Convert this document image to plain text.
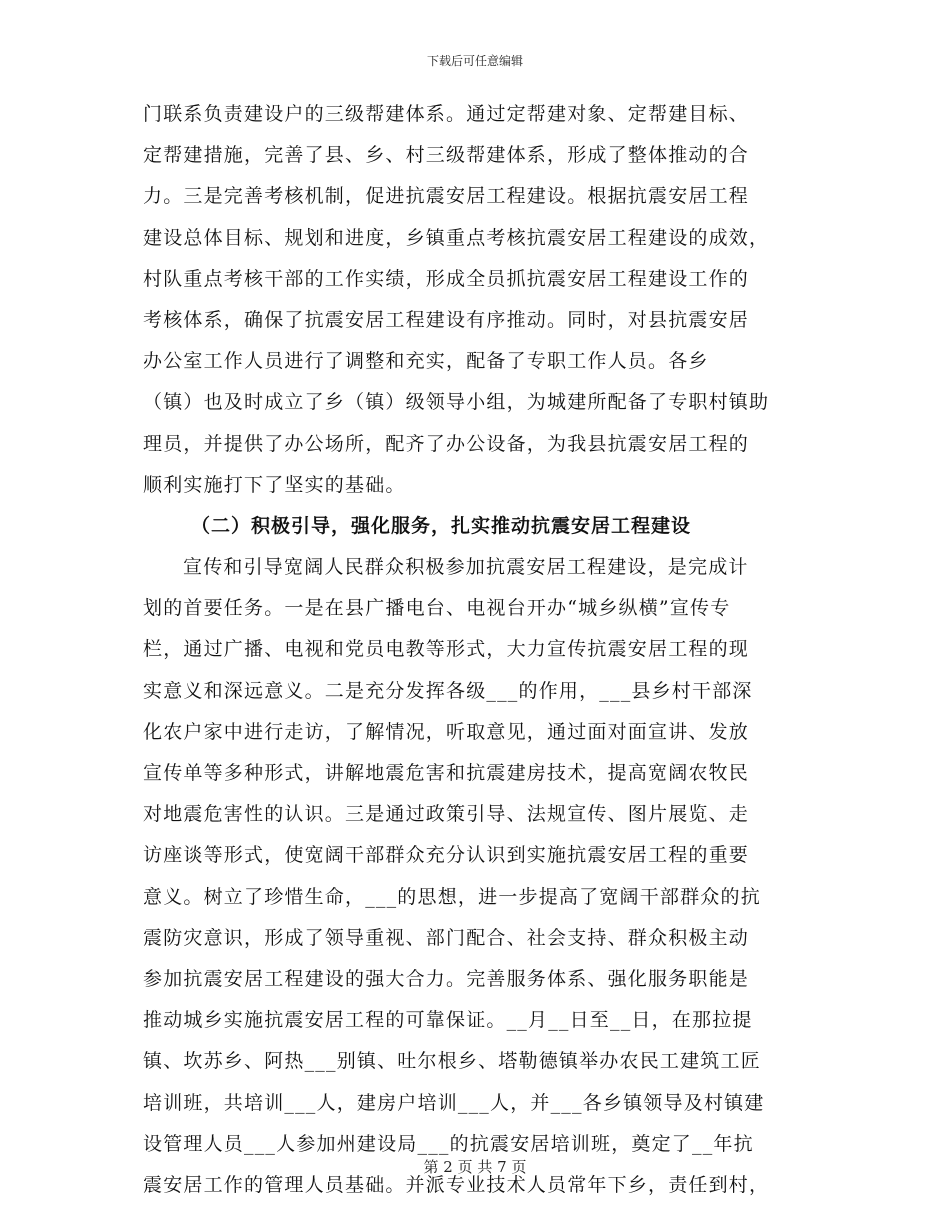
下载后可任意编辑
门联系负责建设户的三级帮建体系。通过定帮建对象、定帮建目标、
定帮建措施，完善了县、乡、村三级帮建体系，形成了整体推动的合
力。三是完善考核机制，促进抗震安居工程建设。根据抗震安居工程
建设总体目标、规划和进度，乡镇重点考核抗震安居工程建设的成效，
村队重点考核干部的工作实绩，形成全员抓抗震安居工程建设工作的
考核体系，确保了抗震安居工程建设有序推动。同时，对县抗震安居
办公室工作人员进行了调整和充实，配备了专职工作人员。各乡
（镇）也及时成立了乡（镇）级领导小组，为城建所配备了专职村镇助
理员，并提供了办公场所，配齐了办公设备，为我县抗震安居工程的
顺利实施打下了坚实的基础。
（二）积极引导，强化服务，扎实推动抗震安居工程建设
宣传和引导宽阔人民群众积极参加抗震安居工程建设，是完成计
划的首要任务。一是在县广播电台、电视台开办“城乡纵横”宣传专
栏，通过广播、电视和党员电教等形式，大力宣传抗震安居工程的现
实意义和深远意义。二是充分发挥各级___的作用，___县乡村干部深
化农户家中进行走访，了解情况，听取意见，通过面对面宣讲、发放
宣传单等多种形式，讲解地震危害和抗震建房技术，提高宽阔农牧民
对地震危害性的认识。三是通过政策引导、法规宣传、图片展览、走
访座谈等形式，使宽阔干部群众充分认识到实施抗震安居工程的重要
意义。树立了珍惜生命，___的思想，进一步提高了宽阔干部群众的抗
震防灾意识，形成了领导重视、部门配合、社会支持、群众积极主动
参加抗震安居工程建设的强大合力。完善服务体系、强化服务职能是
推动城乡实施抗震安居工程的可靠保证。__月__日至__日，在那拉提
镇、坎苏乡、阿热___别镇、吐尔根乡、塔勒德镇举办农民工建筑工匠
培训班，共培训___人，建房户培训___人，并___各乡镇领导及村镇建
设管理人员___人参加州建设局___的抗震安居培训班，奠定了__年抗
震安居工作的管理人员基础。并派专业技术人员常年下乡，责任到村，
第 2 页 共 7 页
